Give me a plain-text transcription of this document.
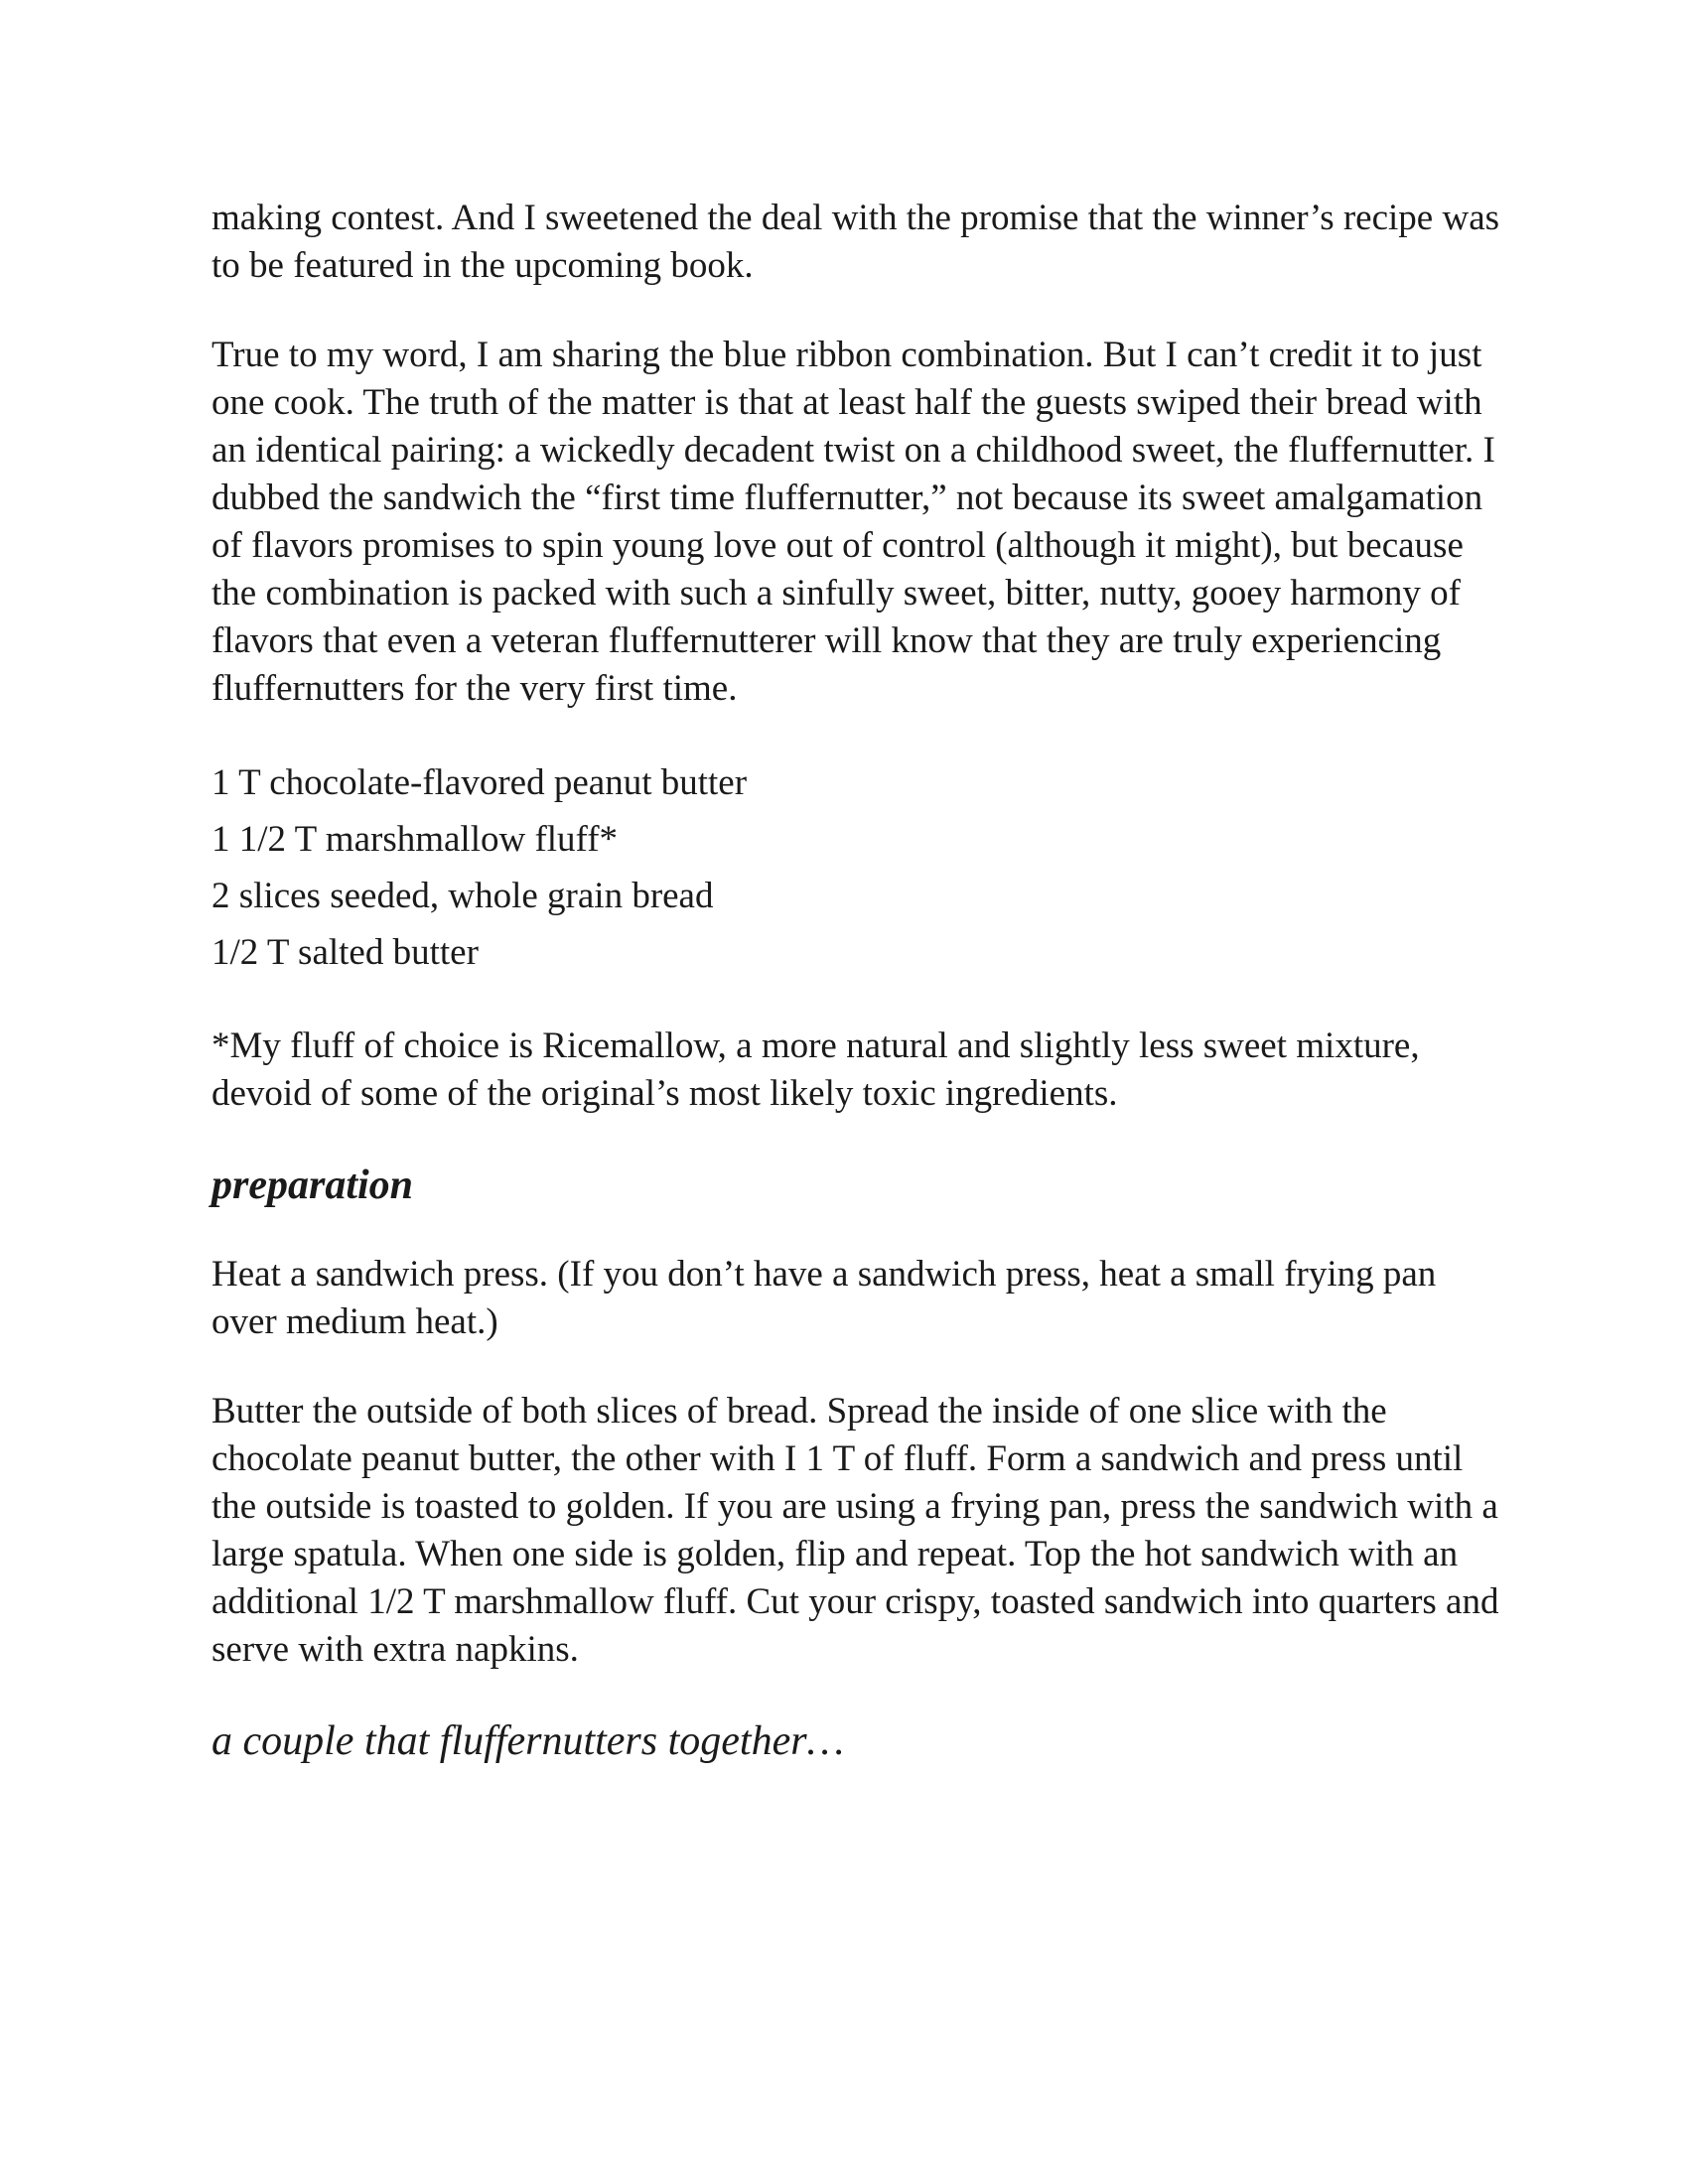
making contest. And I sweetened the deal with the promise that the winner’s recipe was to be featured in the upcoming book.

True to my word, I am sharing the blue ribbon combination. But I can’t credit it to just one cook. The truth of the matter is that at least half the guests swiped their bread with an identical pairing: a wickedly decadent twist on a childhood sweet, the fluffernutter. I dubbed the sandwich the “first time fluffernutter,” not because its sweet amalgamation of flavors promises to spin young love out of control (although it might), but because the combination is packed with such a sinfully sweet, bitter, nutty, gooey harmony of flavors that even a veteran fluffernutterer will know that they are truly experiencing fluffernutters for the very first time.

1 T chocolate-flavored peanut butter
1 1/2 T marshmallow fluff*
2 slices seeded, whole grain bread
1/2 T salted butter

*My fluff of choice is Ricemallow, a more natural and slightly less sweet mixture, devoid of some of the original’s most likely toxic ingredients.

preparation

Heat a sandwich press. (If you don’t have a sandwich press, heat a small frying pan over medium heat.)

Butter the outside of both slices of bread. Spread the inside of one slice with the chocolate peanut butter, the other with I 1 T of fluff. Form a sandwich and press until the outside is toasted to golden. If you are using a frying pan, press the sandwich with a large spatula. When one side is golden, flip and repeat. Top the hot sandwich with an additional 1/2 T marshmallow fluff. Cut your crispy, toasted sandwich into quarters and serve with extra napkins.

a couple that fluffernutters together…
